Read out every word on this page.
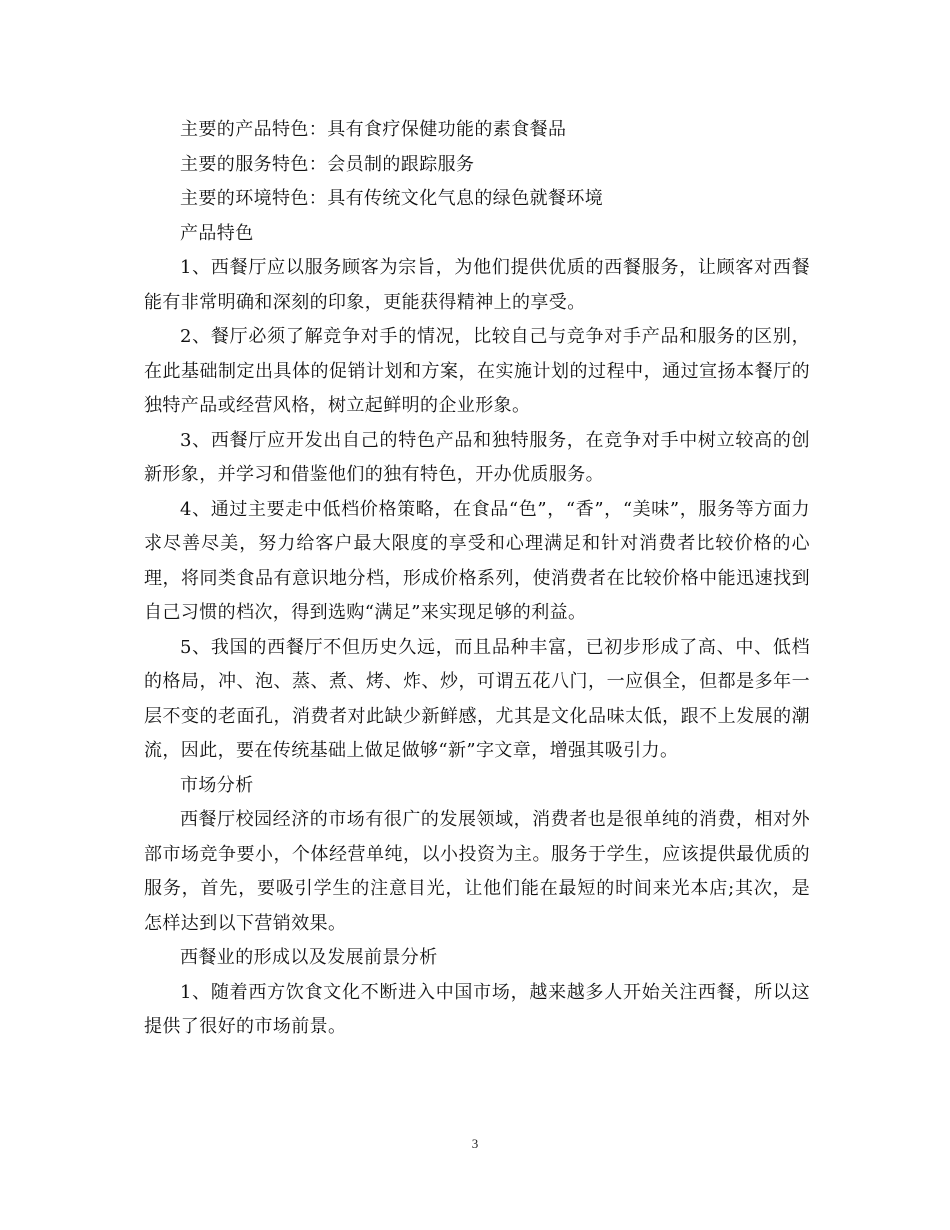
主要的产品特色：具有食疗保健功能的素食餐品

主要的服务特色：会员制的跟踪服务

主要的环境特色：具有传统文化气息的绿色就餐环境

产品特色

1、西餐厅应以服务顾客为宗旨，为他们提供优质的西餐服务，让顾客对西餐能有非常明确和深刻的印象，更能获得精神上的享受。

2、餐厅必须了解竞争对手的情况，比较自己与竞争对手产品和服务的区别，在此基础制定出具体的促销计划和方案，在实施计划的过程中，通过宣扬本餐厅的独特产品或经营风格，树立起鲜明的企业形象。

3、西餐厅应开发出自己的特色产品和独特服务，在竞争对手中树立较高的创新形象，并学习和借鉴他们的独有特色，开办优质服务。

4、通过主要走中低档价格策略，在食品“色”，“香”，“美味”，服务等方面力求尽善尽美，努力给客户最大限度的享受和心理满足和针对消费者比较价格的心理，将同类食品有意识地分档，形成价格系列，使消费者在比较价格中能迅速找到自己习惯的档次，得到选购“满足”来实现足够的利益。

5、我国的西餐厅不但历史久远，而且品种丰富，已初步形成了高、中、低档的格局，冲、泡、蒸、煮、烤、炸、炒，可谓五花八门，一应俱全，但都是多年一层不变的老面孔，消费者对此缺少新鲜感，尤其是文化品味太低，跟不上发展的潮流，因此，要在传统基础上做足做够“新”字文章，增强其吸引力。

市场分析

西餐厅校园经济的市场有很广的发展领域，消费者也是很单纯的消费，相对外部市场竞争要小，个体经营单纯，以小投资为主。服务于学生，应该提供最优质的服务，首先，要吸引学生的注意目光，让他们能在最短的时间来光本店;其次，是怎样达到以下营销效果。

西餐业的形成以及发展前景分析

1、随着西方饮食文化不断进入中国市场，越来越多人开始关注西餐，所以这提供了很好的市场前景。

3
